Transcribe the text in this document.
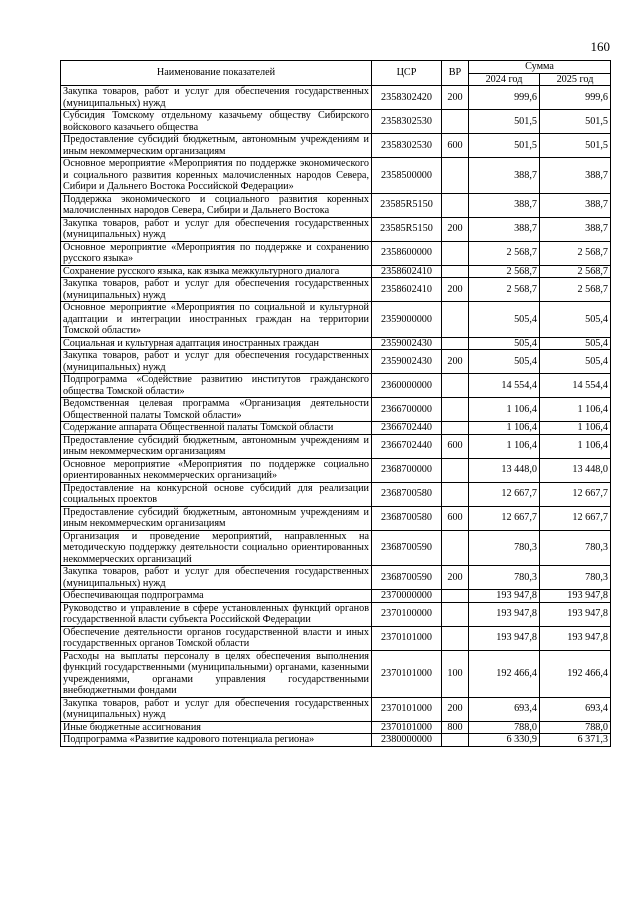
160
Наименование показателей	ЦСР	ВР	Сумма	
			2024 год	2025 год
Закупка товаров, работ и услуг для обеспечения государственных (муниципальных) нужд	2358302420	200	999,6	999,6
Субсидия Томскому отдельному казачьему обществу Сибирского войскового казачьего общества	2358302530		501,5	501,5
Предоставление субсидий бюджетным, автономным учреждениям и иным некоммерческим организациям	2358302530	600	501,5	501,5
Основное мероприятие «Мероприятия по поддержке экономического и социального развития коренных малочисленных народов Севера, Сибири и Дальнего Востока Российской Федерации»	2358500000		388,7	388,7
Поддержка экономического и социального развития коренных малочисленных народов Севера, Сибири и Дальнего Востока	23585R5150		388,7	388,7
Закупка товаров, работ и услуг для обеспечения государственных (муниципальных) нужд	23585R5150	200	388,7	388,7
Основное мероприятие «Мероприятия по поддержке и сохранению русского языка»	2358600000		2 568,7	2 568,7
Сохранение русского языка, как языка межкультурного диалога	2358602410		2 568,7	2 568,7
Закупка товаров, работ и услуг для обеспечения государственных (муниципальных) нужд	2358602410	200	2 568,7	2 568,7
Основное мероприятие «Мероприятия по социальной и культурной адаптации и интеграции иностранных граждан на территории Томской области»	2359000000		505,4	505,4
Социальная и культурная адаптация иностранных граждан	2359002430		505,4	505,4
Закупка товаров, работ и услуг для обеспечения государственных (муниципальных) нужд	2359002430	200	505,4	505,4
Подпрограмма «Содействие развитию институтов гражданского общества Томской области»	2360000000		14 554,4	14 554,4
Ведомственная целевая программа «Организация деятельности Общественной палаты Томской области»	2366700000		1 106,4	1 106,4
Содержание аппарата Общественной палаты Томской области	2366702440		1 106,4	1 106,4
Предоставление субсидий бюджетным, автономным учреждениям и иным некоммерческим организациям	2366702440	600	1 106,4	1 106,4
Основное мероприятие «Мероприятия по поддержке социально ориентированных некоммерческих организаций»	2368700000		13 448,0	13 448,0
Предоставление на конкурсной основе субсидий для реализации социальных проектов	2368700580		12 667,7	12 667,7
Предоставление субсидий бюджетным, автономным учреждениям и иным некоммерческим организациям	2368700580	600	12 667,7	12 667,7
Организация и проведение мероприятий, направленных на методическую поддержку деятельности социально ориентированных некоммерческих организаций	2368700590		780,3	780,3
Закупка товаров, работ и услуг для обеспечения государственных (муниципальных) нужд	2368700590	200	780,3	780,3
Обеспечивающая подпрограмма	2370000000		193 947,8	193 947,8
Руководство и управление в сфере установленных функций органов государственной власти субъекта Российской Федерации	2370100000		193 947,8	193 947,8
Обеспечение деятельности органов государственной власти и иных государственных органов Томской области	2370101000		193 947,8	193 947,8
Расходы на выплаты персоналу в целях обеспечения выполнения функций государственными (муниципальными) органами, казенными учреждениями, органами управления государственными внебюджетными фондами	2370101000	100	192 466,4	192 466,4
Закупка товаров, работ и услуг для обеспечения государственных (муниципальных) нужд	2370101000	200	693,4	693,4
Иные бюджетные ассигнования	2370101000	800	788,0	788,0
Подпрограмма «Развитие кадрового потенциала региона»	2380000000		6 330,9	6 371,3
